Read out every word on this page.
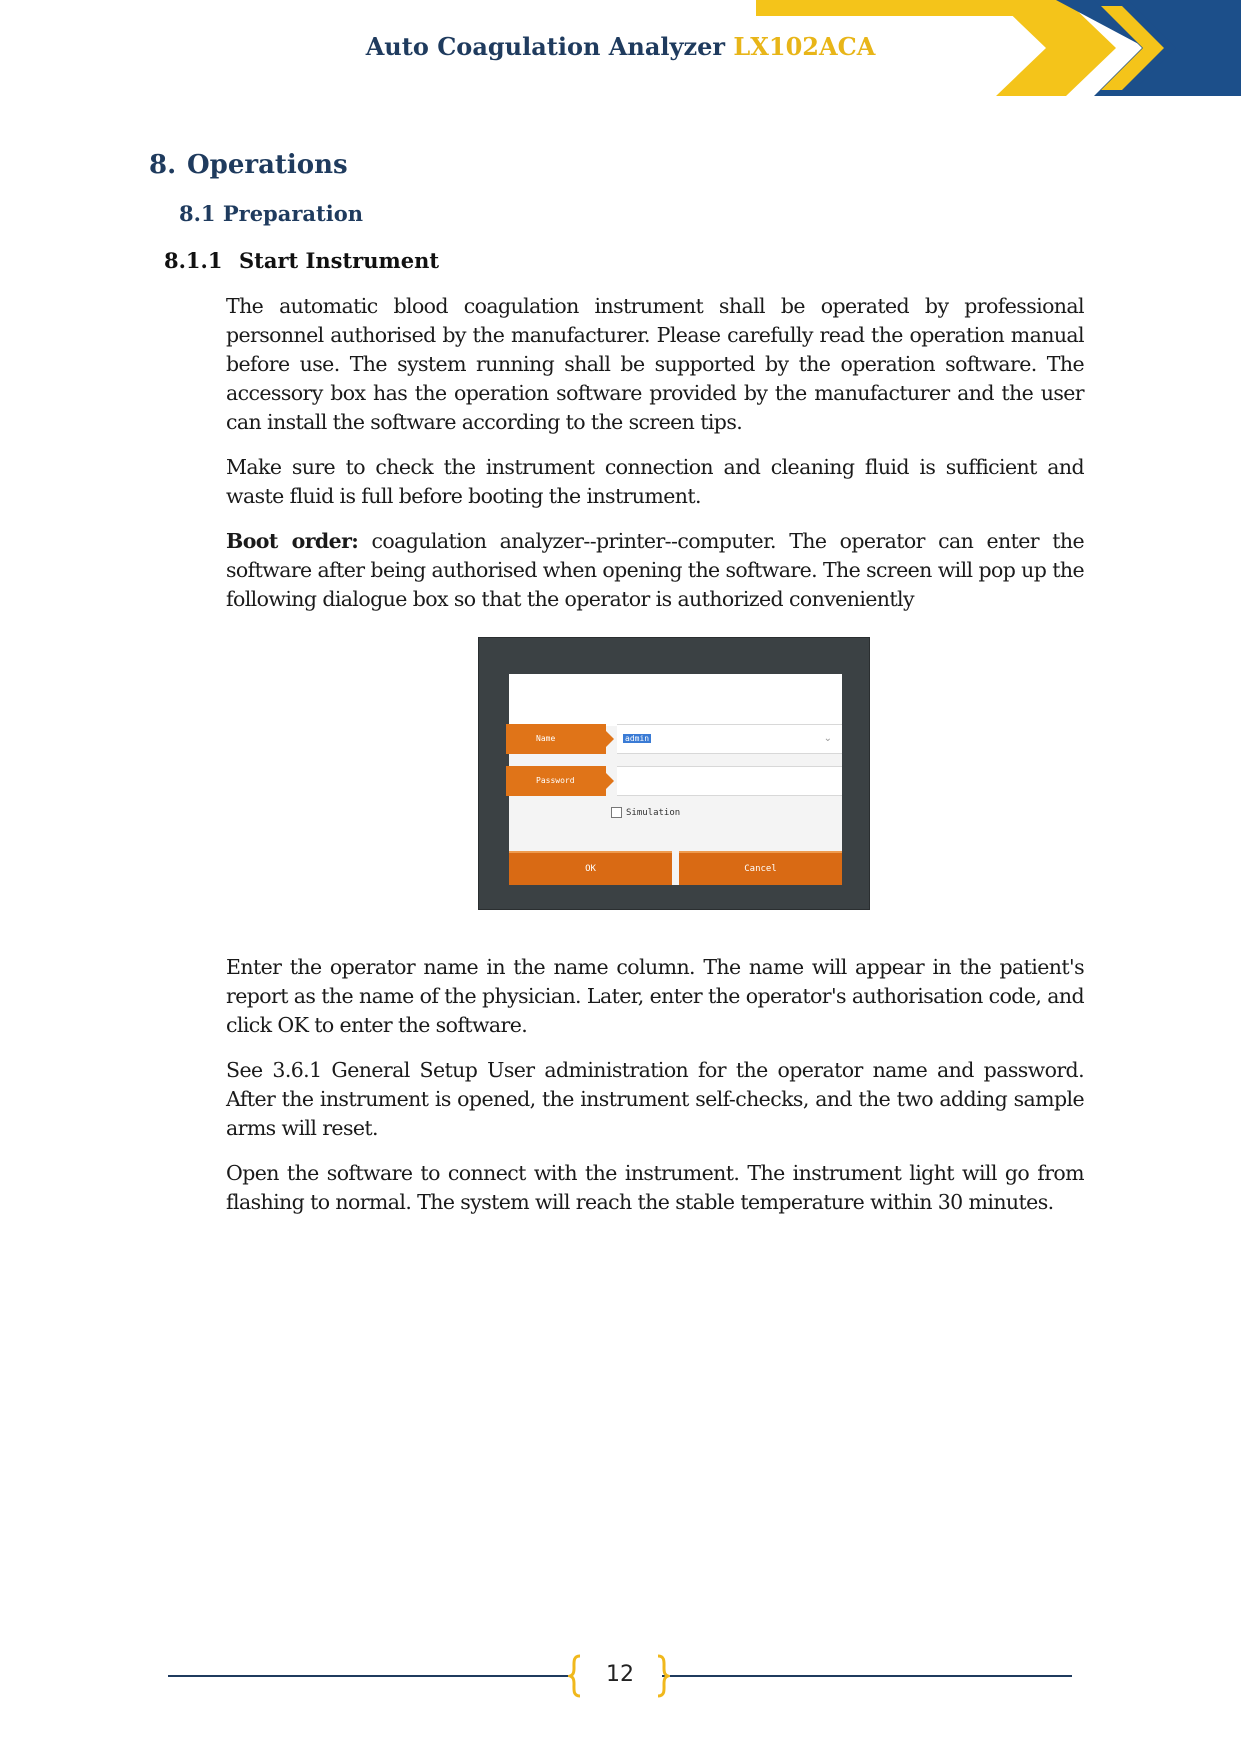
Auto Coagulation Analyzer LX102ACA
8. Operations
8.1 Preparation
8.1.1 Start Instrument

The automatic blood coagulation instrument shall be operated by professional personnel authorised by the manufacturer. Please carefully read the operation manual before use. The system running shall be supported by the operation software. The accessory box has the operation software provided by the manufacturer and the user can install the software according to the screen tips.

Make sure to check the instrument connection and cleaning fluid is sufficient and waste fluid is full before booting the instrument.

Boot order: coagulation analyzer--printer--computer. The operator can enter the software after being authorised when opening the software. The screen will pop up the following dialogue box so that the operator is authorized conveniently

Name	admin	⌄
Password
Simulation
OK	Cancel

Enter the operator name in the name column. The name will appear in the patient's report as the name of the physician. Later, enter the operator's authorisation code, and click OK to enter the software.

See 3.6.1 General Setup User administration for the operator name and password. After the instrument is opened, the instrument self-checks, and the two adding sample arms will reset.

Open the software to connect with the instrument. The instrument light will go from flashing to normal. The system will reach the stable temperature within 30 minutes.

12
